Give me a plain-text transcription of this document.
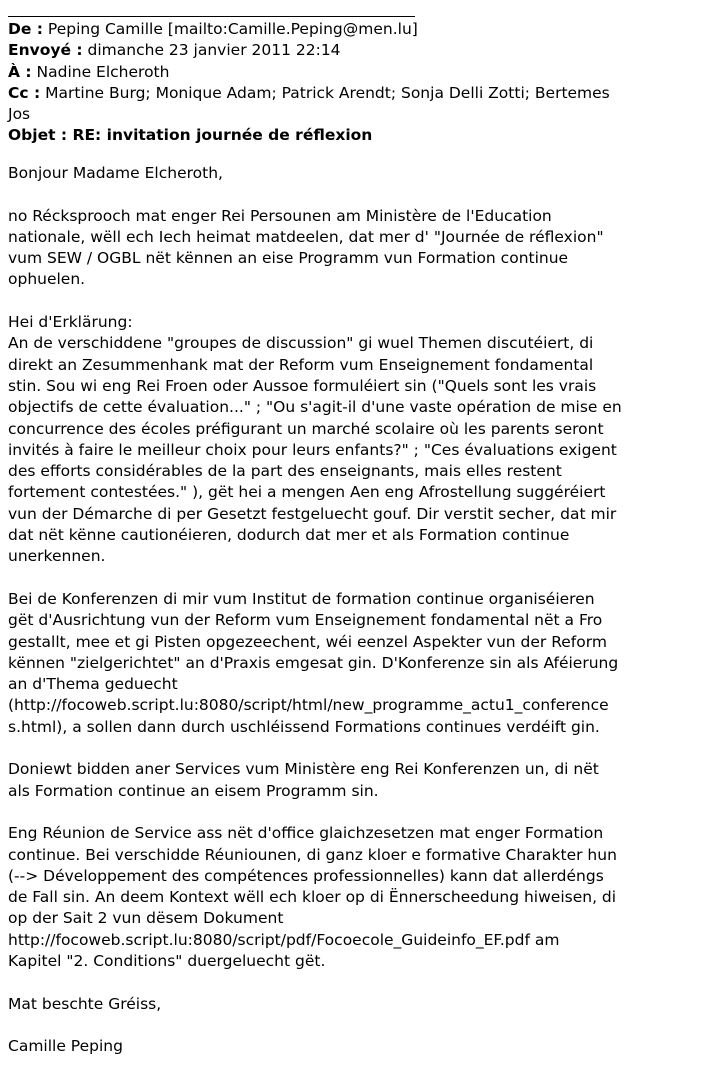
De : Peping Camille [mailto:Camille.Peping@men.lu]
Envoyé : dimanche 23 janvier 2011 22:14
À : Nadine Elcheroth
Cc : Martine Burg; Monique Adam; Patrick Arendt; Sonja Delli Zotti; Bertemes
Jos
Objet : RE: invitation journée de réflexion
Bonjour Madame Elcheroth,
no Récksprooch mat enger Rei Persounen am Ministère de l'Education
nationale, wëll ech Iech heimat matdeelen, dat mer d' "Journée de réflexion"
vum SEW / OGBL nët kënnen an eise Programm vun Formation continue
ophuelen.
Hei d'Erklärung:
An de verschiddene "groupes de discussion" gi wuel Themen discutéiert, di
direkt an Zesummenhank mat der Reform vum Enseignement fondamental
stin. Sou wi eng Rei Froen oder Aussoe formuléiert sin ("Quels sont les vrais
objectifs de cette évaluation..." ; "Ou s'agit-il d'une vaste opération de mise en
concurrence des écoles préfigurant un marché scolaire où les parents seront
invités à faire le meilleur choix pour leurs enfants?" ; "Ces évaluations exigent
des efforts considérables de la part des enseignants, mais elles restent
fortement contestées." ), gët hei a mengen Aen eng Afrostellung suggéréiert
vun der Démarche di per Gesetzt festgeluecht gouf. Dir verstit secher, dat mir
dat nët kënne cautionéieren, dodurch dat mer et als Formation continue
unerkennen.
Bei de Konferenzen di mir vum Institut de formation continue organiséieren
gët d'Ausrichtung vun der Reform vum Enseignement fondamental nët a Fro
gestallt, mee et gi Pisten opgezeechent, wéi eenzel Aspekter vun der Reform
kënnen "zielgerichtet" an d'Praxis emgesat gin. D'Konferenze sin als Aféierung
an d'Thema geduecht
(http://focoweb.script.lu:8080/script/html/new_programme_actu1_conference
s.html), a sollen dann durch uschléissend Formations continues verdéift gin.
Doniewt bidden aner Services vum Ministère eng Rei Konferenzen un, di nët
als Formation continue an eisem Programm sin.
Eng Réunion de Service ass nët d'office glaichzesetzen mat enger Formation
continue. Bei verschidde Réuniounen, di ganz kloer e formative Charakter hun
(--> Développement des compétences professionnelles) kann dat allerdéngs
de Fall sin. An deem Kontext wëll ech kloer op di Ënnerscheedung hiweisen, di
op der Sait 2 vun dësem Dokument
http://focoweb.script.lu:8080/script/pdf/Focoecole_Guideinfo_EF.pdf am
Kapitel "2. Conditions" duergeluecht gët.
Mat beschte Gréiss,
Camille Peping
